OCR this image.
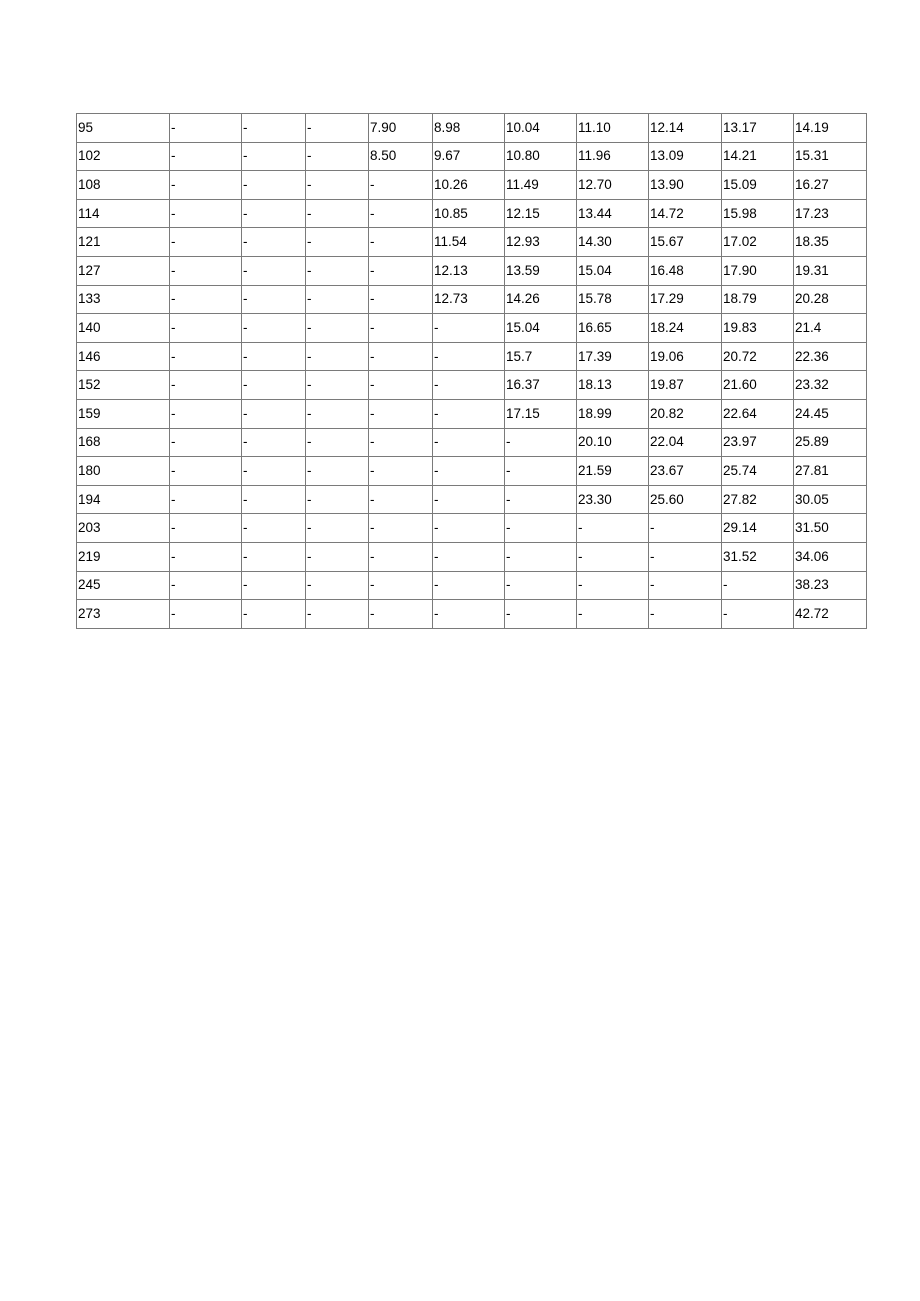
95	-	-	-	7.90	8.98	10.04	11.10	12.14	13.17	14.19
102	-	-	-	8.50	9.67	10.80	11.96	13.09	14.21	15.31
108	-	-	-	-	10.26	11.49	12.70	13.90	15.09	16.27
114	-	-	-	-	10.85	12.15	13.44	14.72	15.98	17.23
121	-	-	-	-	11.54	12.93	14.30	15.67	17.02	18.35
127	-	-	-	-	12.13	13.59	15.04	16.48	17.90	19.31
133	-	-	-	-	12.73	14.26	15.78	17.29	18.79	20.28
140	-	-	-	-	-	15.04	16.65	18.24	19.83	21.4
146	-	-	-	-	-	15.7	17.39	19.06	20.72	22.36
152	-	-	-	-	-	16.37	18.13	19.87	21.60	23.32
159	-	-	-	-	-	17.15	18.99	20.82	22.64	24.45
168	-	-	-	-	-	-	20.10	22.04	23.97	25.89
180	-	-	-	-	-	-	21.59	23.67	25.74	27.81
194	-	-	-	-	-	-	23.30	25.60	27.82	30.05
203	-	-	-	-	-	-	-	-	29.14	31.50
219	-	-	-	-	-	-	-	-	31.52	34.06
245	-	-	-	-	-	-	-	-	-	38.23
273	-	-	-	-	-	-	-	-	-	42.72
